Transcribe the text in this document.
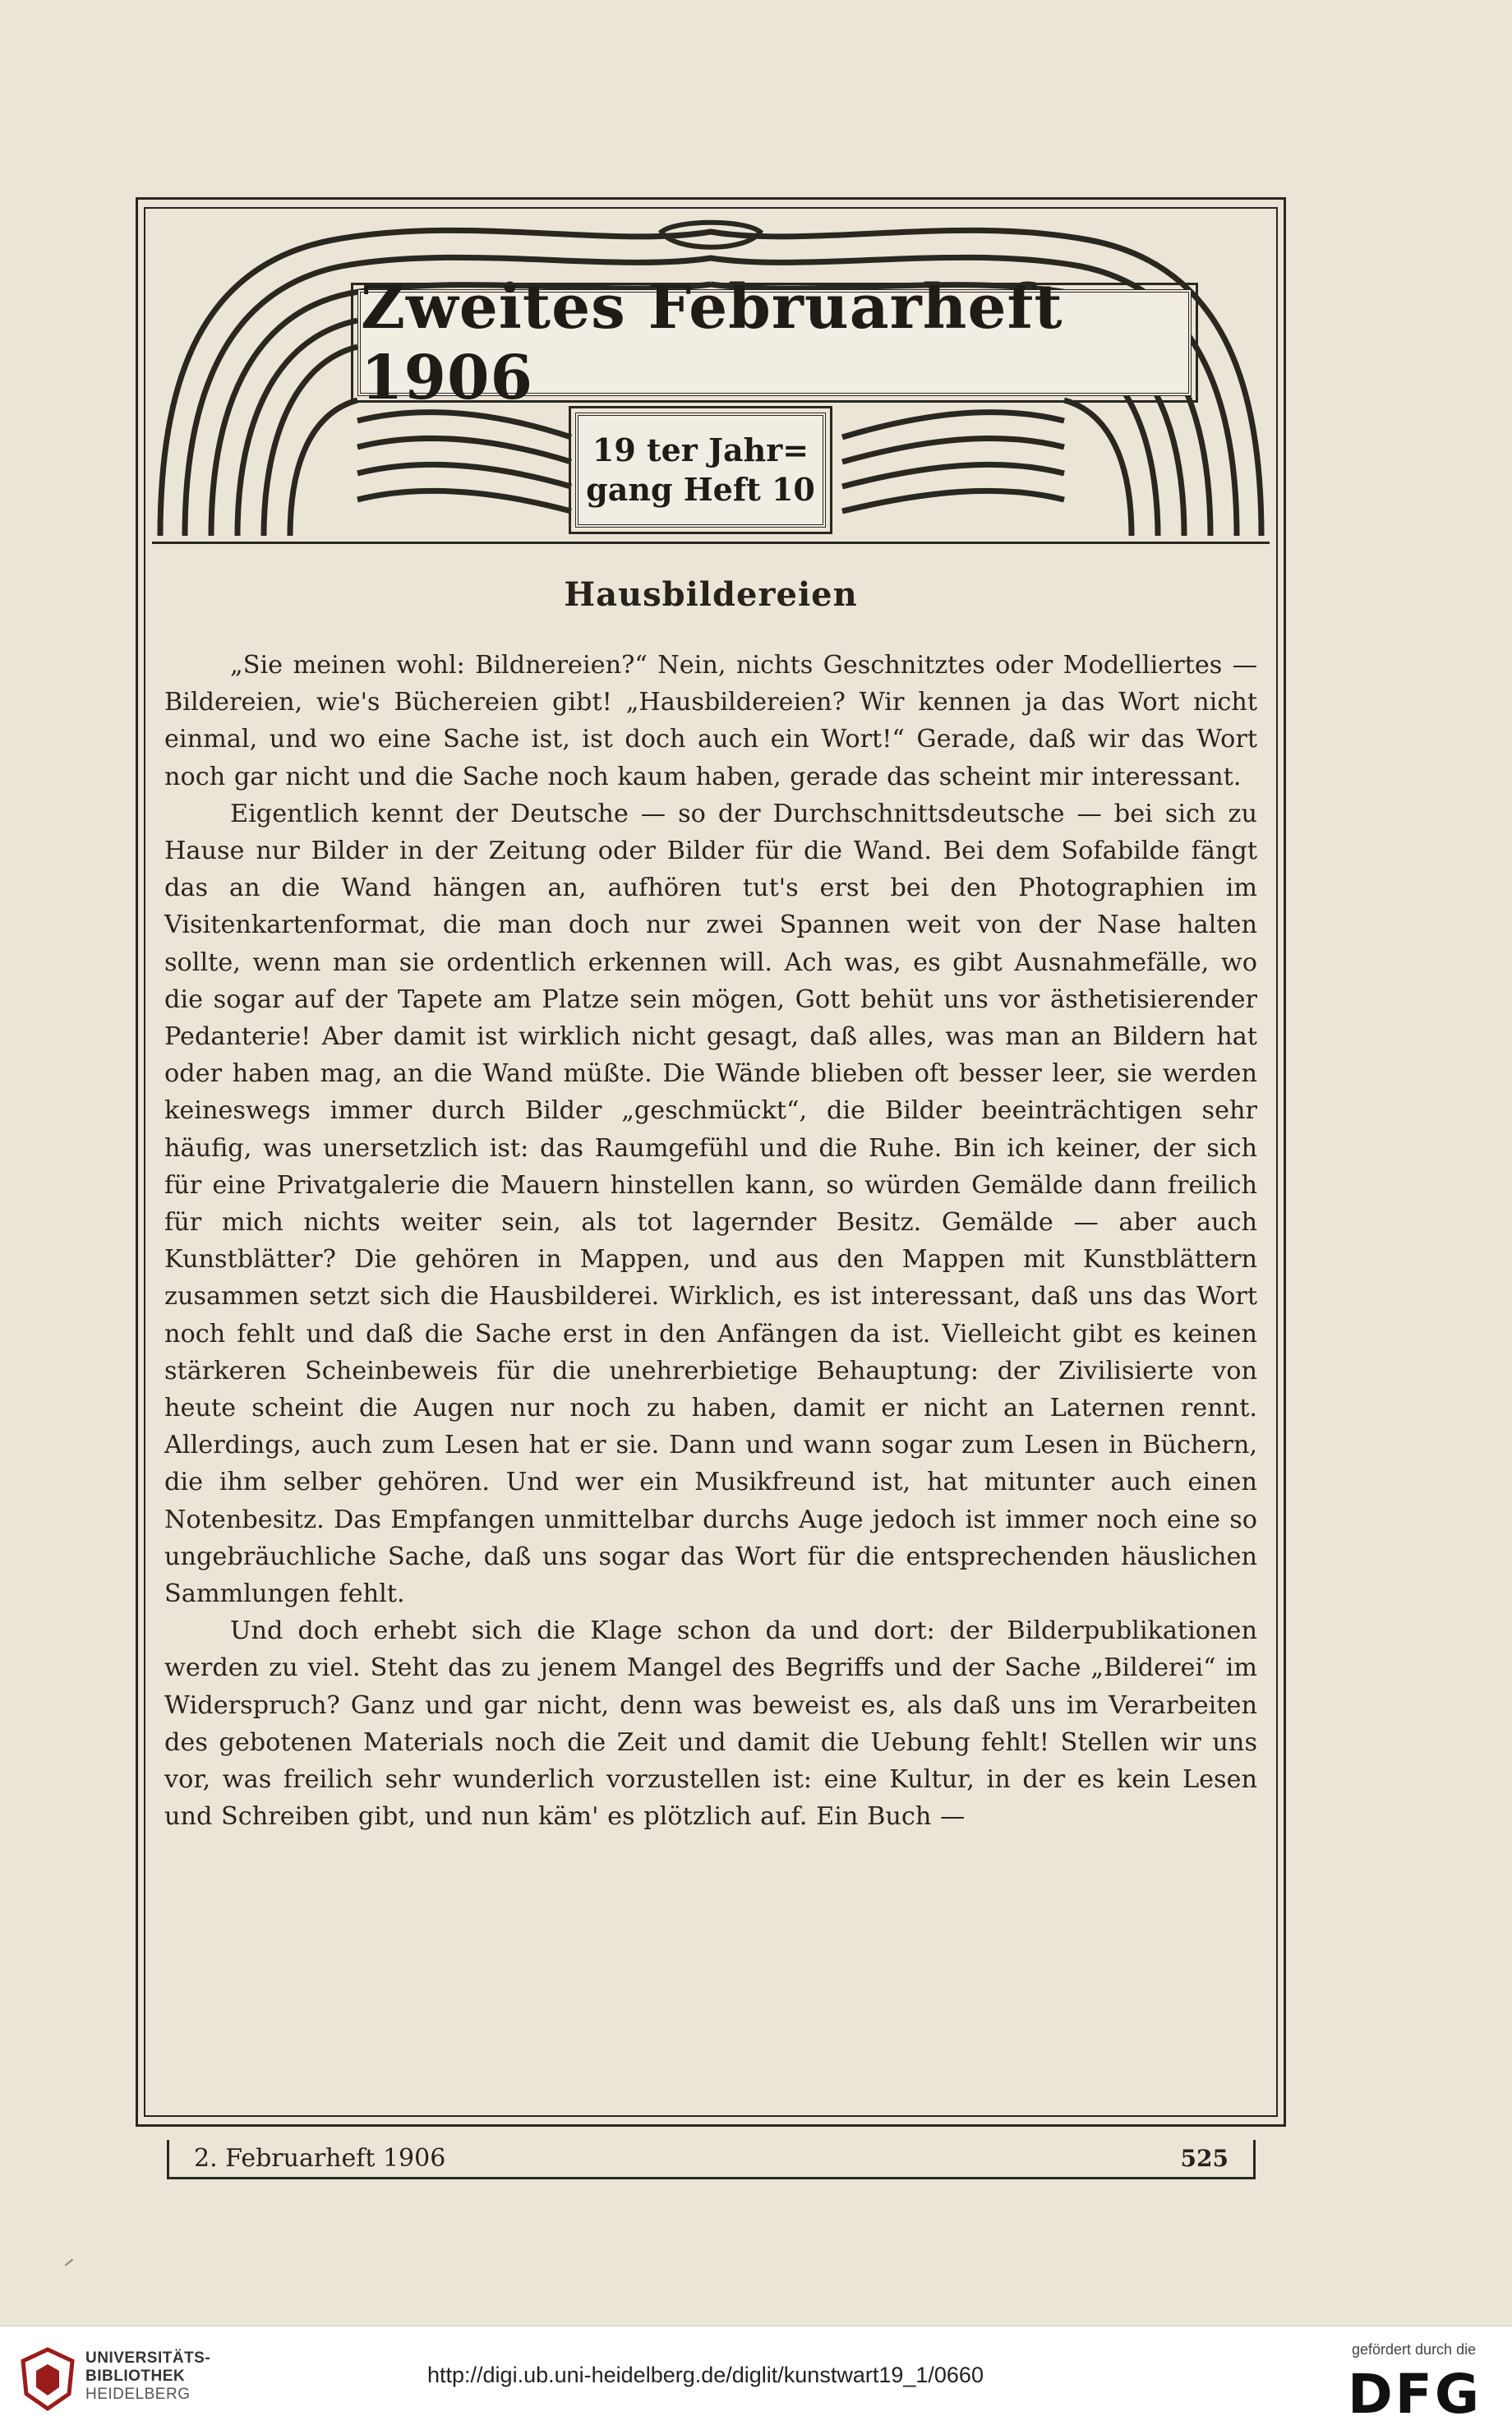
Zweites Februarheft 1906
19 ter Jahr=
gang Heft 10
Hausbildereien

„Sie meinen wohl: Bildnereien?“ Nein, nichts Geschnitztes oder Modelliertes — Bildereien, wie's Büchereien gibt! „Hausbildereien? Wir kennen ja das Wort nicht einmal, und wo eine Sache ist, ist doch auch ein Wort!“ Gerade, daß wir das Wort noch gar nicht und die Sache noch kaum haben, gerade das scheint mir interessant.

Eigentlich kennt der Deutsche — so der Durchschnittsdeutsche — bei sich zu Hause nur Bilder in der Zeitung oder Bilder für die Wand. Bei dem Sofabilde fängt das an die Wand hängen an, aufhören tut's erst bei den Photographien im Visitenkartenformat, die man doch nur zwei Spannen weit von der Nase halten sollte, wenn man sie ordentlich erkennen will. Ach was, es gibt Ausnahmefälle, wo die sogar auf der Tapete am Platze sein mögen, Gott behüt uns vor ästhetisierender Pedanterie! Aber damit ist wirklich nicht gesagt, daß alles, was man an Bildern hat oder haben mag, an die Wand müßte. Die Wände blieben oft besser leer, sie werden keineswegs immer durch Bilder „geschmückt“, die Bilder beeinträchtigen sehr häufig, was unersetzlich ist: das Raumgefühl und die Ruhe. Bin ich keiner, der sich für eine Privatgalerie die Mauern hinstellen kann, so würden Gemälde dann freilich für mich nichts weiter sein, als tot lagernder Besitz. Gemälde — aber auch Kunstblätter? Die gehören in Mappen, und aus den Mappen mit Kunstblättern zusammen setzt sich die Hausbilderei. Wirklich, es ist interessant, daß uns das Wort noch fehlt und daß die Sache erst in den Anfängen da ist. Vielleicht gibt es keinen stärkeren Scheinbeweis für die unehrerbietige Behauptung: der Zivilisierte von heute scheint die Augen nur noch zu haben, damit er nicht an Laternen rennt. Allerdings, auch zum Lesen hat er sie. Dann und wann sogar zum Lesen in Büchern, die ihm selber gehören. Und wer ein Musikfreund ist, hat mitunter auch einen Notenbesitz. Das Empfangen unmittelbar durchs Auge jedoch ist immer noch eine so ungebräuchliche Sache, daß uns sogar das Wort für die entsprechenden häuslichen Sammlungen fehlt.

Und doch erhebt sich die Klage schon da und dort: der Bilderpublikationen werden zu viel. Steht das zu jenem Mangel des Begriffs und der Sache „Bilderei“ im Widerspruch? Ganz und gar nicht, denn was beweist es, als daß uns im Verarbeiten des gebotenen Materials noch die Zeit und damit die Uebung fehlt! Stellen wir uns vor, was freilich sehr wunderlich vorzustellen ist: eine Kultur, in der es kein Lesen und Schreiben gibt, und nun käm' es plötzlich auf. Ein Buch —

2. Februarheft 1906	525
UNIVERSITÄTS-
BIBLIOTHEK
HEIDELBERG
http://digi.ub.uni-heidelberg.de/diglit/kunstwart19_1/0660
gefördert durch die
DFG
